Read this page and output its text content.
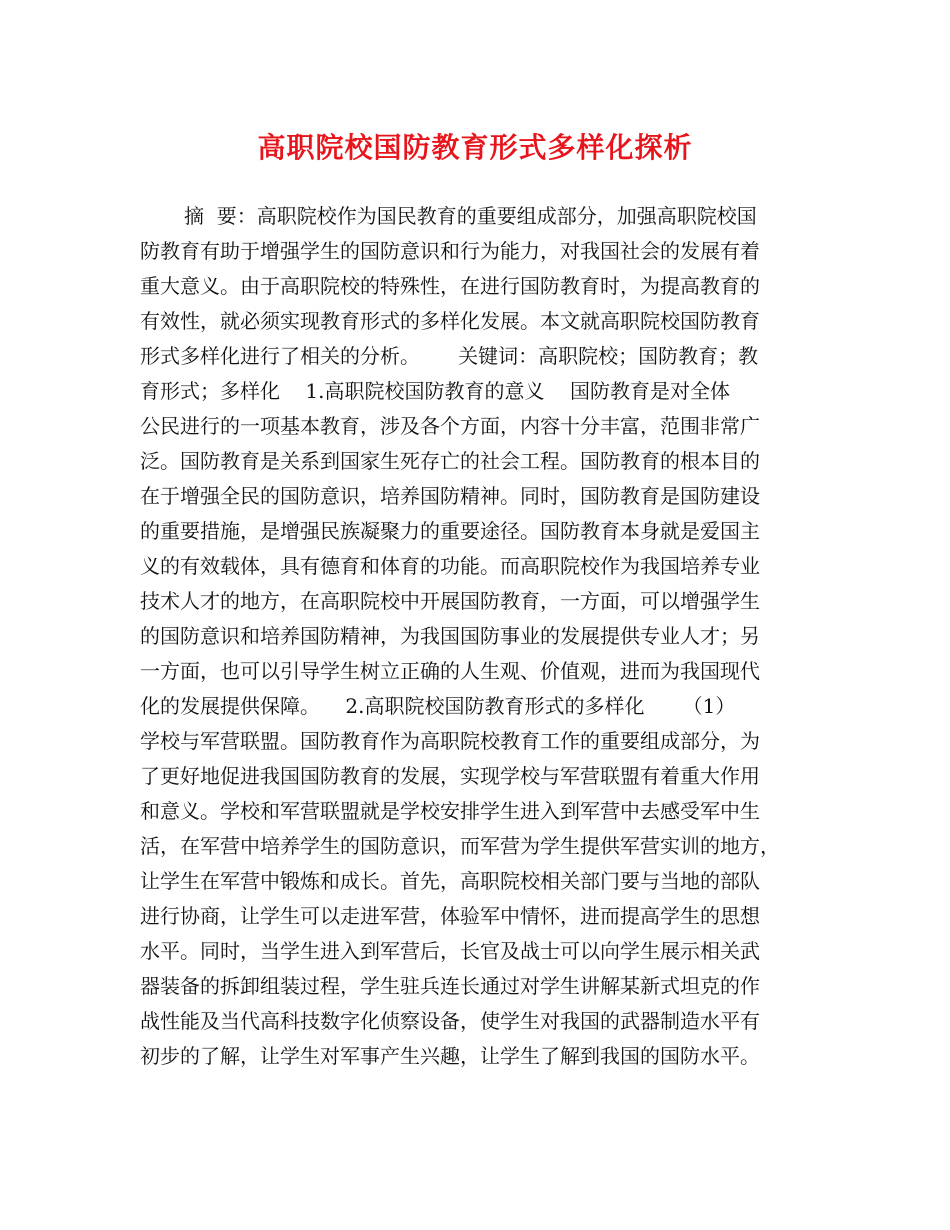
高职院校国防教育形式多样化探析
摘  要：高职院校作为国民教育的重要组成部分，加强高职院校国
防教育有助于增强学生的国防意识和行为能力，对我国社会的发展有着
重大意义。由于高职院校的特殊性，在进行国防教育时，为提高教育的
有效性，就必须实现教育形式的多样化发展。本文就高职院校国防教育
形式多样化进行了相关的分析。      关键词：高职院校；国防教育；教
育形式；多样化    1.高职院校国防教育的意义    国防教育是对全体
公民进行的一项基本教育，涉及各个方面，内容十分丰富，范围非常广
泛。国防教育是关系到国家生死存亡的社会工程。国防教育的根本目的
在于增强全民的国防意识，培养国防精神。同时，国防教育是国防建设
的重要措施，是增强民族凝聚力的重要途径。国防教育本身就是爱国主
义的有效载体，具有德育和体育的功能。而高职院校作为我国培养专业
技术人才的地方，在高职院校中开展国防教育，一方面，可以增强学生
的国防意识和培养国防精神，为我国国防事业的发展提供专业人才；另
一方面，也可以引导学生树立正确的人生观、价值观，进而为我国现代
化的发展提供保障。    2.高职院校国防教育形式的多样化      （1）
学校与军营联盟。国防教育作为高职院校教育工作的重要组成部分，为
了更好地促进我国国防教育的发展，实现学校与军营联盟有着重大作用
和意义。学校和军营联盟就是学校安排学生进入到军营中去感受军中生
活，在军营中培养学生的国防意识，而军营为学生提供军营实训的地方，
让学生在军营中锻炼和成长。首先，高职院校相关部门要与当地的部队
进行协商，让学生可以走进军营，体验军中情怀，进而提高学生的思想
水平。同时，当学生进入到军营后，长官及战士可以向学生展示相关武
器装备的拆卸组装过程，学生驻兵连长通过对学生讲解某新式坦克的作
战性能及当代高科技数字化侦察设备，使学生对我国的武器制造水平有
初步的了解，让学生对军事产生兴趣，让学生了解到我国的国防水平。
